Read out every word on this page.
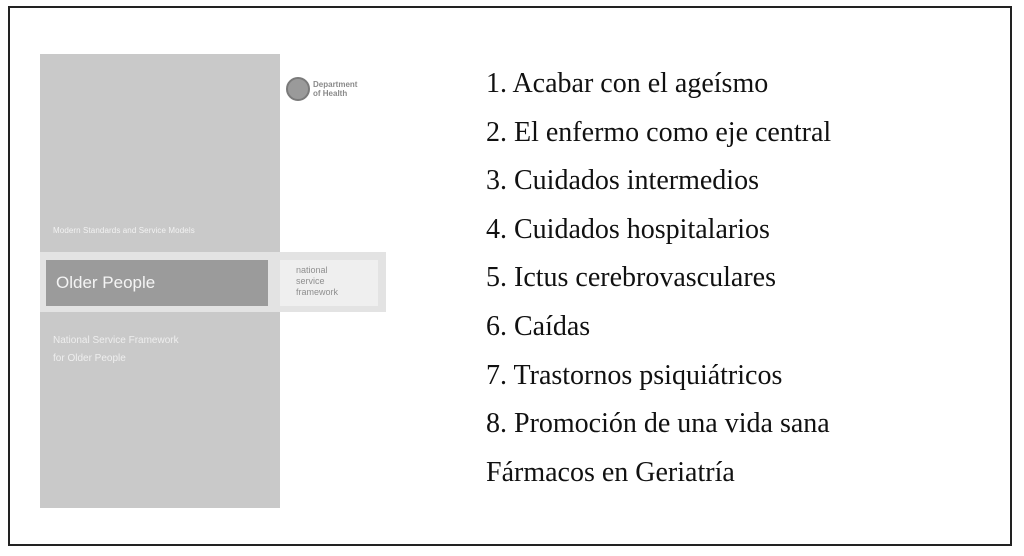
Department
of Health
Modern Standards and Service Models
Older People
national
service
framework
National Service Framework
for Older People
1. Acabar con el ageísmo
2. El enfermo como eje central
3. Cuidados intermedios
4. Cuidados hospitalarios
5. Ictus cerebrovasculares
6. Caídas
7. Trastornos psiquiátricos
8. Promoción de una vida sana
Fármacos en Geriatría
